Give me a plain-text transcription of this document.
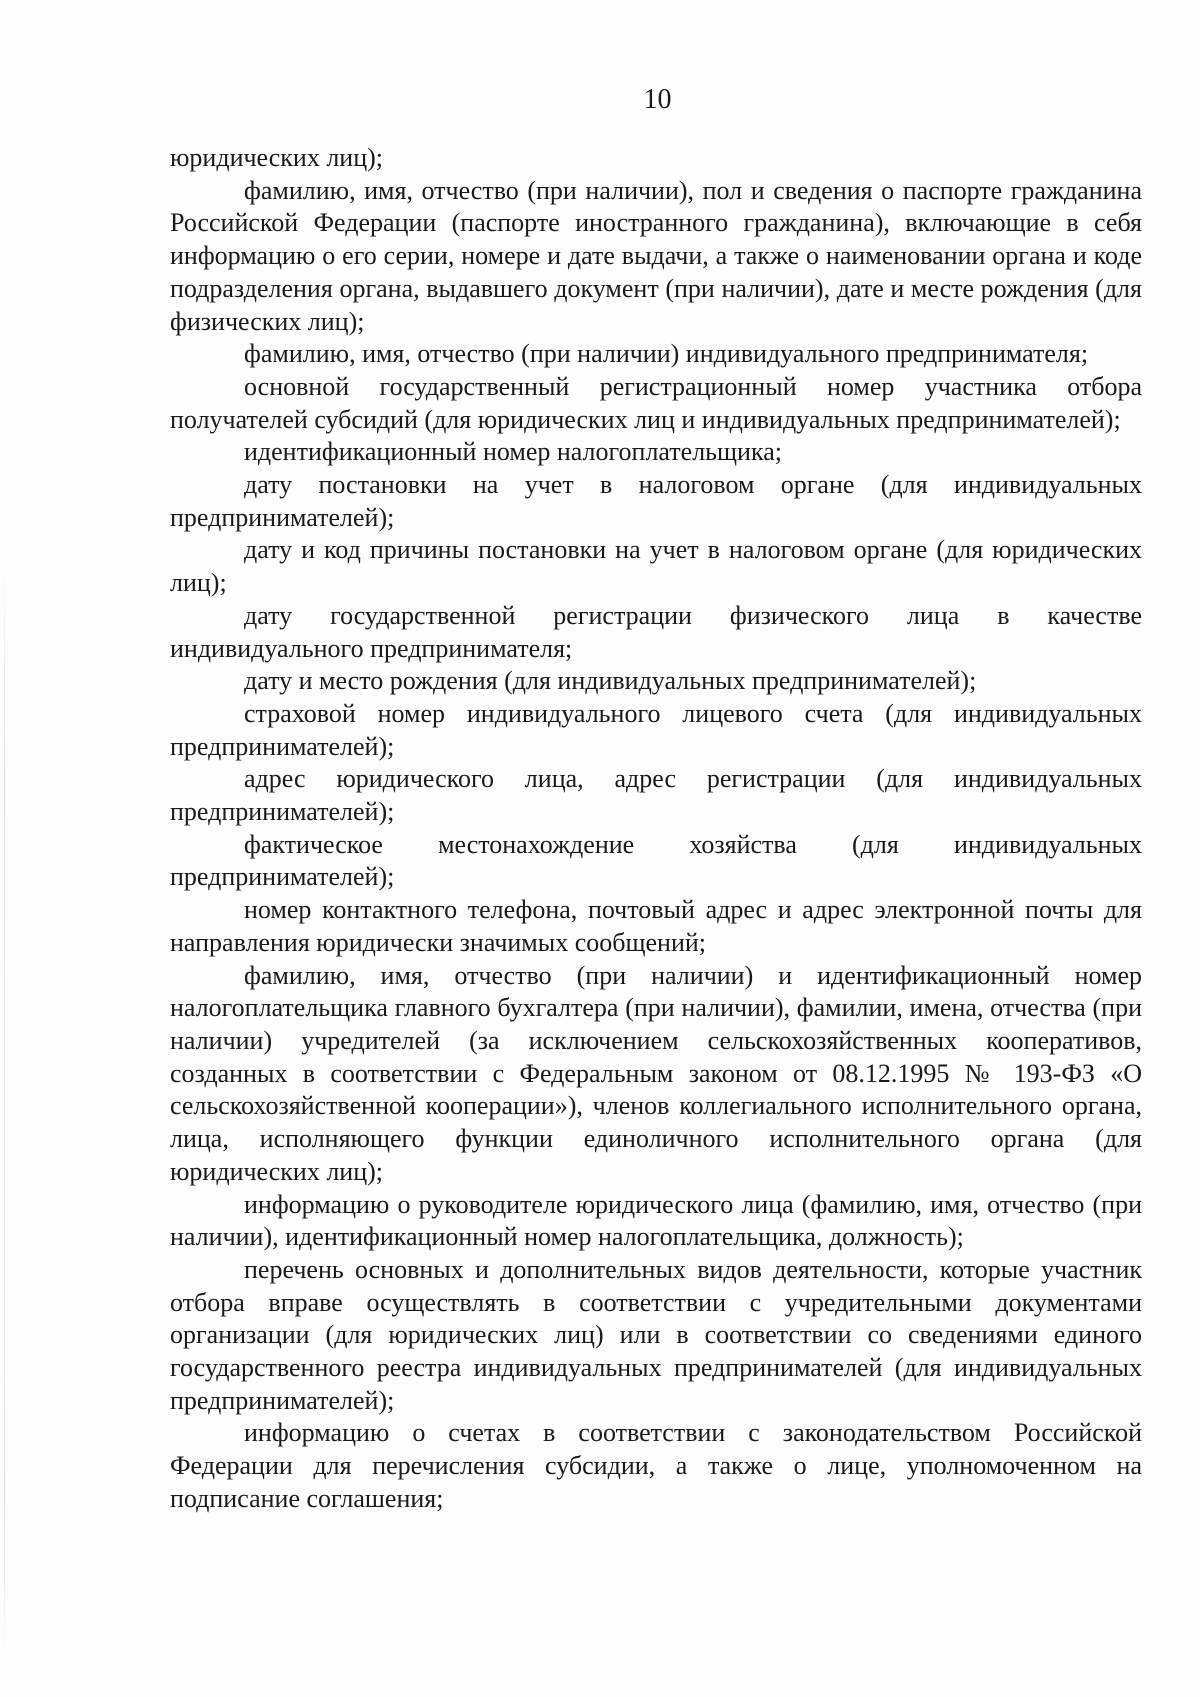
10

юридических лиц);

фамилию, имя, отчество (при наличии), пол и сведения о паспорте гражданина Российской Федерации (паспорте иностранного гражданина), включающие в себя информацию о его серии, номере и дате выдачи, а также о наименовании органа и коде подразделения органа, выдавшего документ (при наличии), дате и месте рождения (для физических лиц);

фамилию, имя, отчество (при наличии) индивидуального предпринимателя;

основной государственный регистрационный номер участника отбора получателей субсидий (для юридических лиц и индивидуальных предпринимателей);

идентификационный номер налогоплательщика;

дату постановки на учет в налоговом органе (для индивидуальных предпринимателей);

дату и код причины постановки на учет в налоговом органе (для юридических лиц);

дату государственной регистрации физического лица в качестве индивидуального предпринимателя;

дату и место рождения (для индивидуальных предпринимателей);

страховой номер индивидуального лицевого счета (для индивидуальных предпринимателей);

адрес юридического лица, адрес регистрации (для индивидуальных предпринимателей);

фактическое местонахождение хозяйства (для индивидуальных предпринимателей);

номер контактного телефона, почтовый адрес и адрес электронной почты для направления юридически значимых сообщений;

фамилию, имя, отчество (при наличии) и идентификационный номер налогоплательщика главного бухгалтера (при наличии), фамилии, имена, отчества (при наличии) учредителей (за исключением сельскохозяйственных кооперативов, созданных в соответствии с Федеральным законом от 08.12.1995 № 193-ФЗ «О сельскохозяйственной кооперации»), членов коллегиального исполнительного органа, лица, исполняющего функции единоличного исполнительного органа (для юридических лиц);

информацию о руководителе юридического лица (фамилию, имя, отчество (при наличии), идентификационный номер налогоплательщика, должность);

перечень основных и дополнительных видов деятельности, которые участник отбора вправе осуществлять в соответствии с учредительными документами организации (для юридических лиц) или в соответствии со сведениями единого государственного реестра индивидуальных предпринимателей (для индивидуальных предпринимателей);

информацию о счетах в соответствии с законодательством Российской Федерации для перечисления субсидии, а также о лице, уполномоченном на подписание соглашения;
